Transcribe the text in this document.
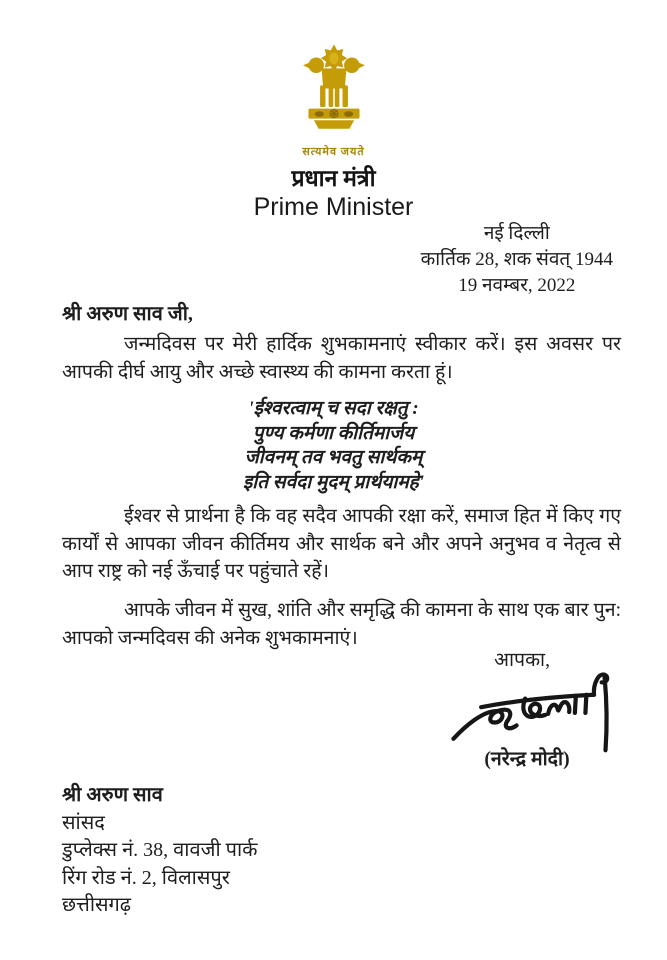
सत्यमेव जयते
प्रधान मंत्री
Prime Minister
नई दिल्ली
कार्तिक 28, शक संवत् 1944
19 नवम्बर, 2022
श्री अरुण साव जी,
जन्मदिवस पर मेरी हार्दिक शुभकामनाएं स्वीकार करें। इस अवसर पर आपकी दीर्घ आयु और अच्छे स्वास्थ्य की कामना करता हूं।
'ईश्वरत्वाम् च सदा रक्षतु :
पुण्य कर्मणा कीर्तिमार्जय
जीवनम् तव भवतु सार्थकम्
इति सर्वदा मुदम् प्रार्थयामहे'
ईश्वर से प्रार्थना है कि वह सदैव आपकी रक्षा करें, समाज हित में किए गए कार्यों से आपका जीवन कीर्तिमय और सार्थक बने और अपने अनुभव व नेतृत्व से आप राष्ट्र को नई ऊँचाई पर पहुंचाते रहें।
आपके जीवन में सुख, शांति और समृद्धि की कामना के साथ एक बार पुन: आपको जन्मदिवस की अनेक शुभकामनाएं।
आपका,
(नरेन्द्र मोदी)
श्री अरुण साव
सांसद
डुप्लेक्स नं. 38, वावजी पार्क
रिंग रोड नं. 2, विलासपुर
छत्तीसगढ़
